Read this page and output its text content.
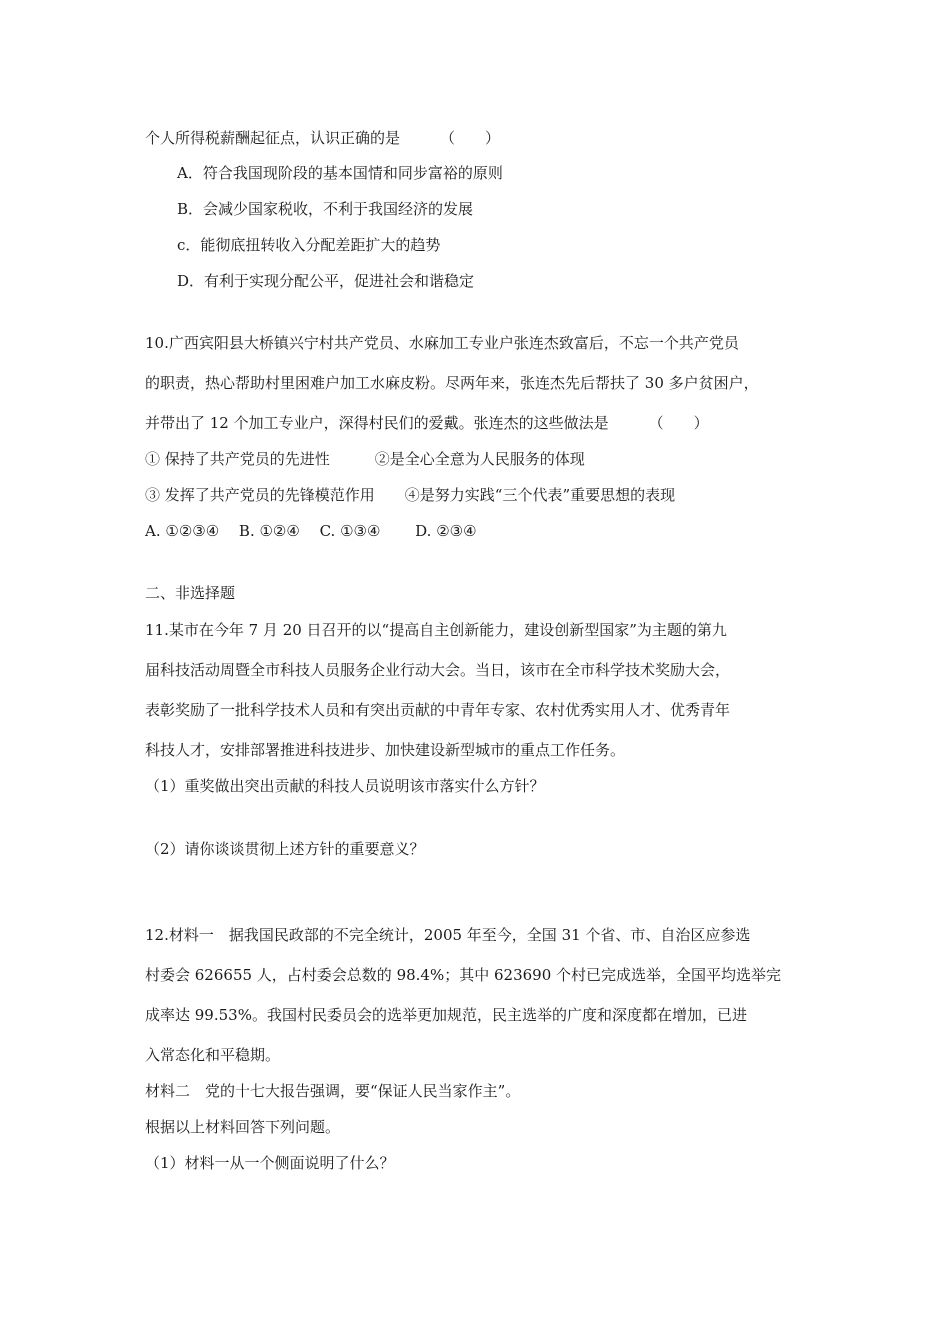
个人所得税薪酬起征点，认识正确的是	（　　）
A．符合我国现阶段的基本国情和同步富裕的原则
B．会减少国家税收，不利于我国经济的发展
c．能彻底扭转收入分配差距扩大的趋势
D．有利于实现分配公平，促进社会和谐稳定
10.广西宾阳县大桥镇兴宁村共产党员、水麻加工专业户张连杰致富后，不忘一个共产党员
的职责，热心帮助村里困难户加工水麻皮粉。尽两年来，张连杰先后帮扶了 30 多户贫困户，
并带出了 12 个加工专业户，深得村民们的爱戴。张连杰的这些做法是	（　　）
① 保持了共产党员的先进性　　　②是全心全意为人民服务的体现
③ 发挥了共产党员的先锋模范作用　　④是努力实践“三个代表”重要思想的表现
A. ①②③④　 B. ①②④　 C. ①③④　　 D. ②③④
二、非选择题
11.某市在今年 7 月 20 日召开的以“提高自主创新能力，建设创新型国家”为主题的第九
届科技活动周暨全市科技人员服务企业行动大会。当日，该市在全市科学技术奖励大会，
表彰奖励了一批科学技术人员和有突出贡献的中青年专家、农村优秀实用人才、优秀青年
科技人才，安排部署推进科技进步、加快建设新型城市的重点工作任务。
（1）重奖做出突出贡献的科技人员说明该市落实什么方针？
（2）请你谈谈贯彻上述方针的重要意义？
12.材料一　据我国民政部的不完全统计，2005 年至今，全国 31 个省、市、自治区应参选
村委会 626655 人，占村委会总数的 98.4%；其中 623690 个村已完成选举，全国平均选举完
成率达 99.53%。我国村民委员会的选举更加规范，民主选举的广度和深度都在增加，已进
入常态化和平稳期。
材料二　党的十七大报告强调，要“保证人民当家作主”。
根据以上材料回答下列问题。
（1）材料一从一个侧面说明了什么？
